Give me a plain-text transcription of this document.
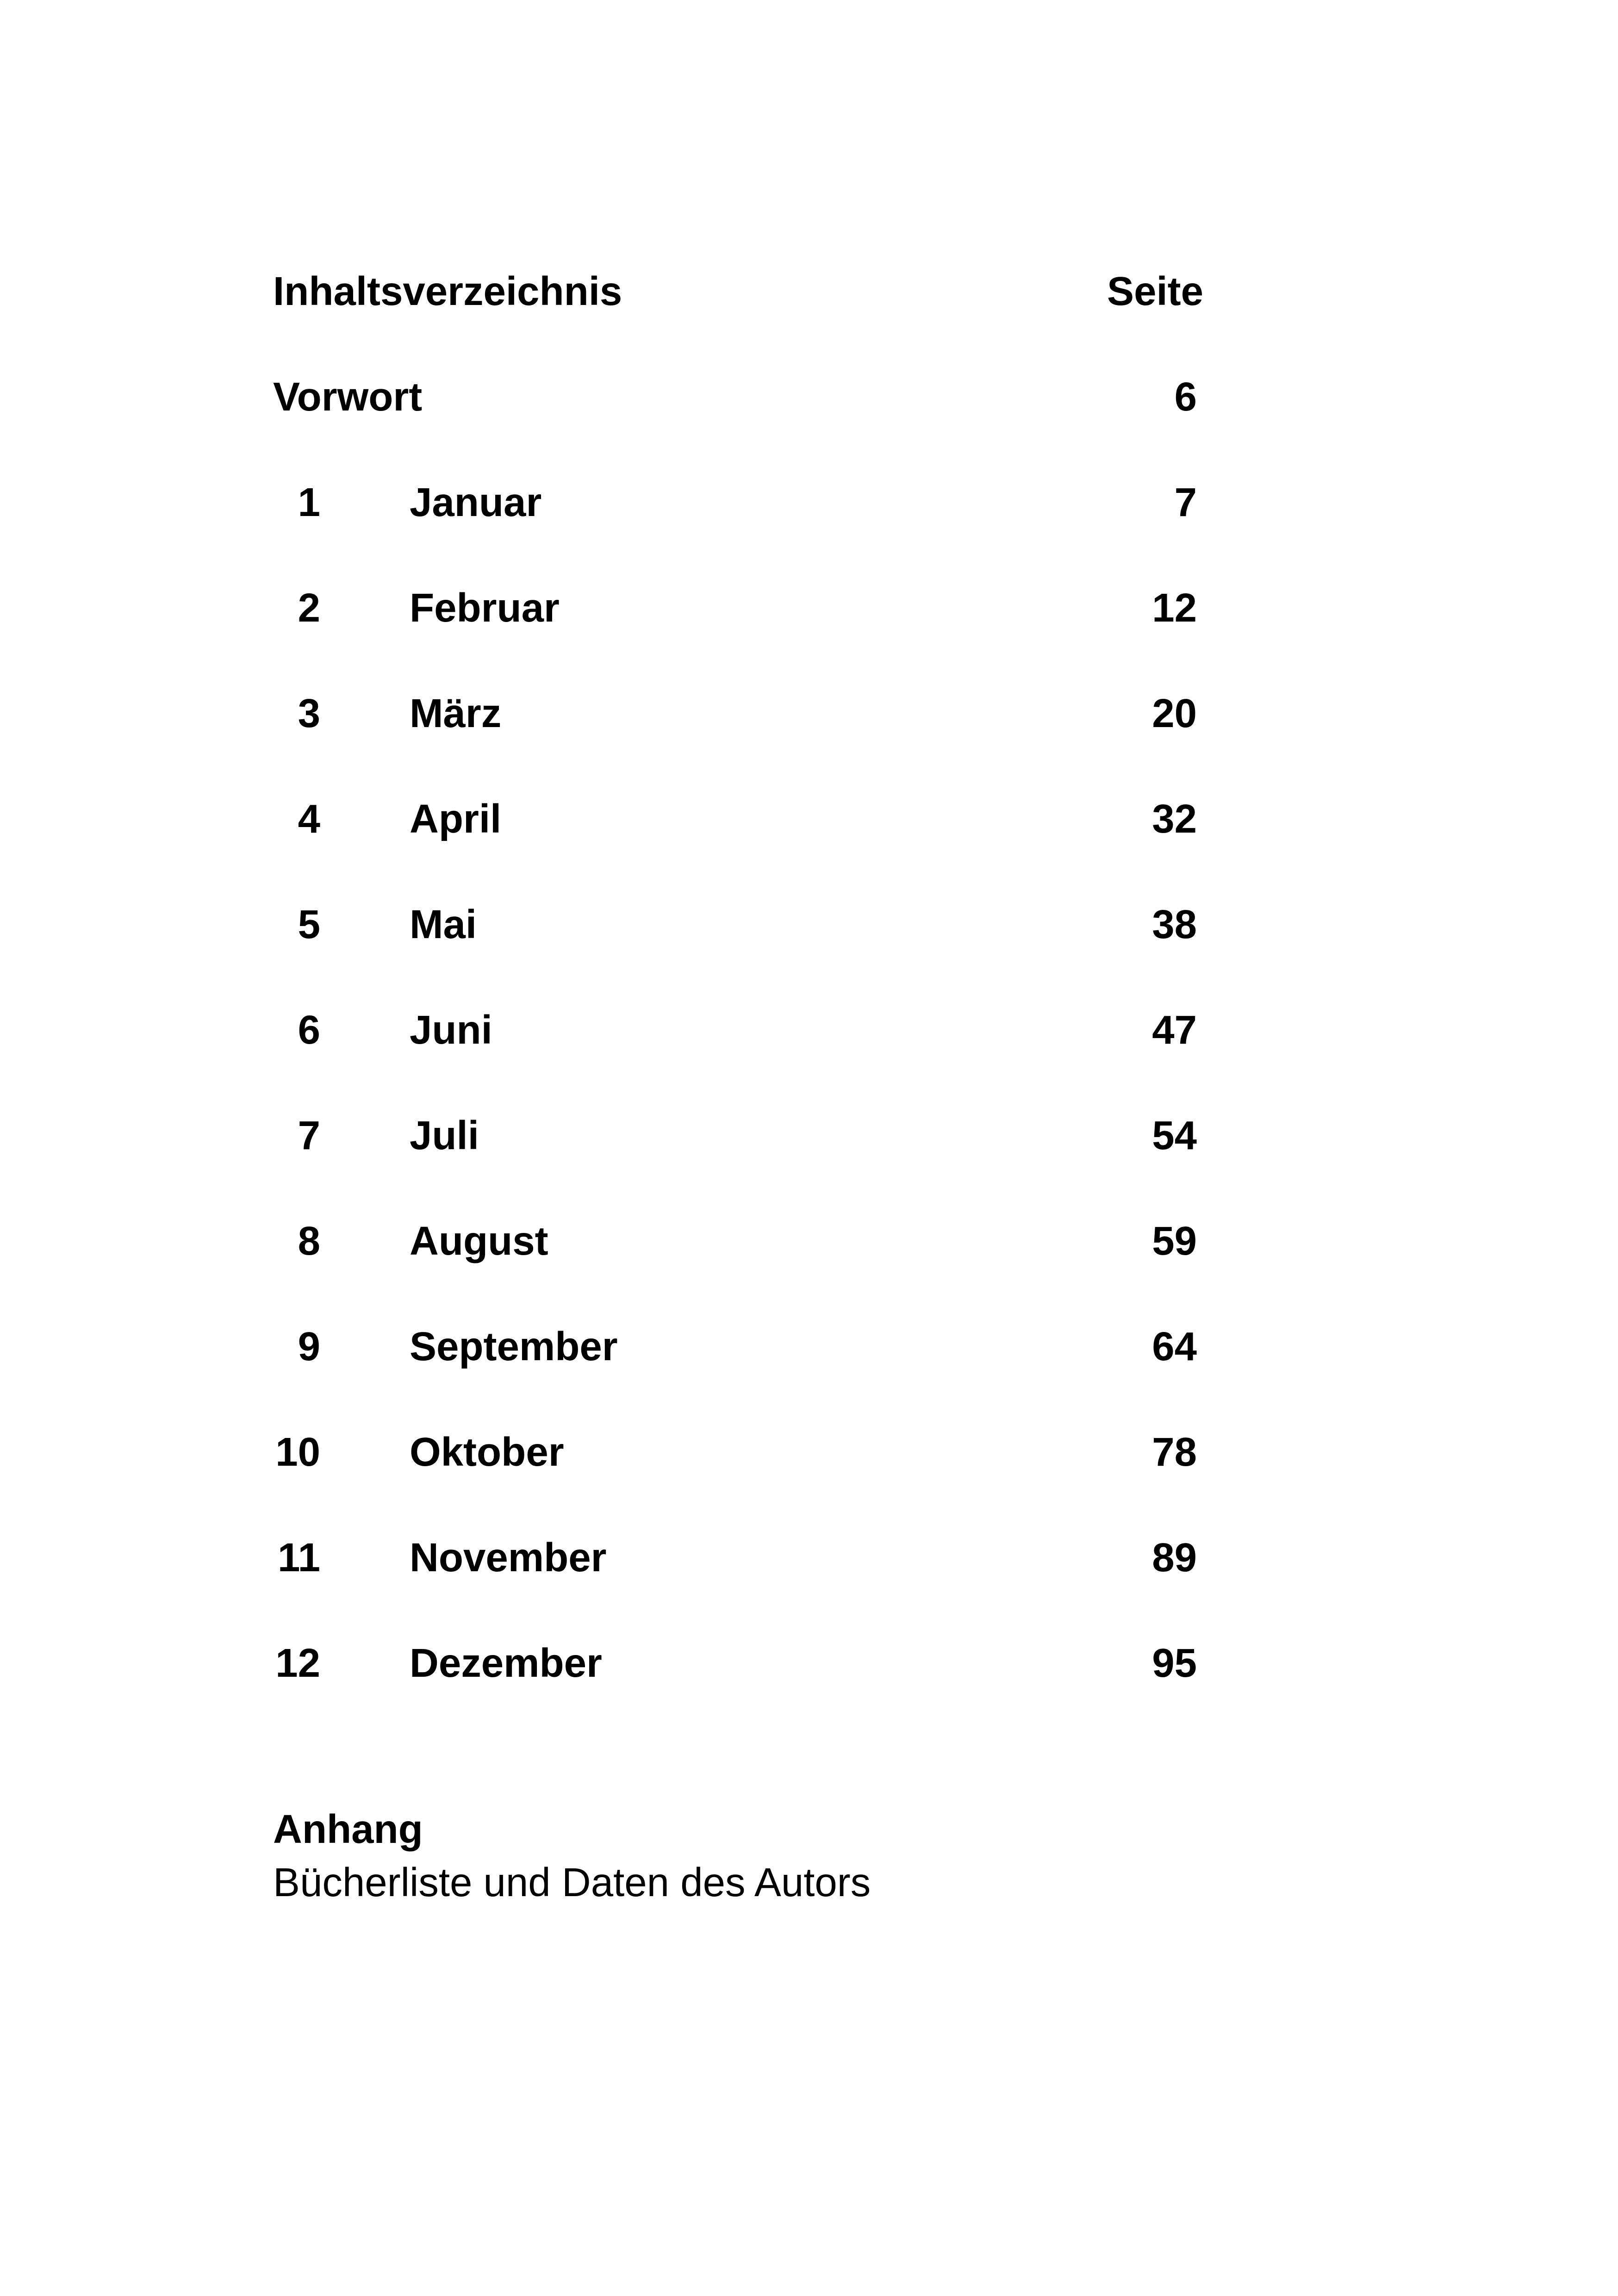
Inhaltsverzeichnis	Seite
Vorwort	6
1 Januar	7
2 Februar	12
3 März	20
4 April	32
5 Mai	38
6 Juni	47
7 Juli	54
8 August	59
9 September	64
10 Oktober	78
11 November	89
12 Dezember	95
Anhang
Bücherliste und Daten des Autors
